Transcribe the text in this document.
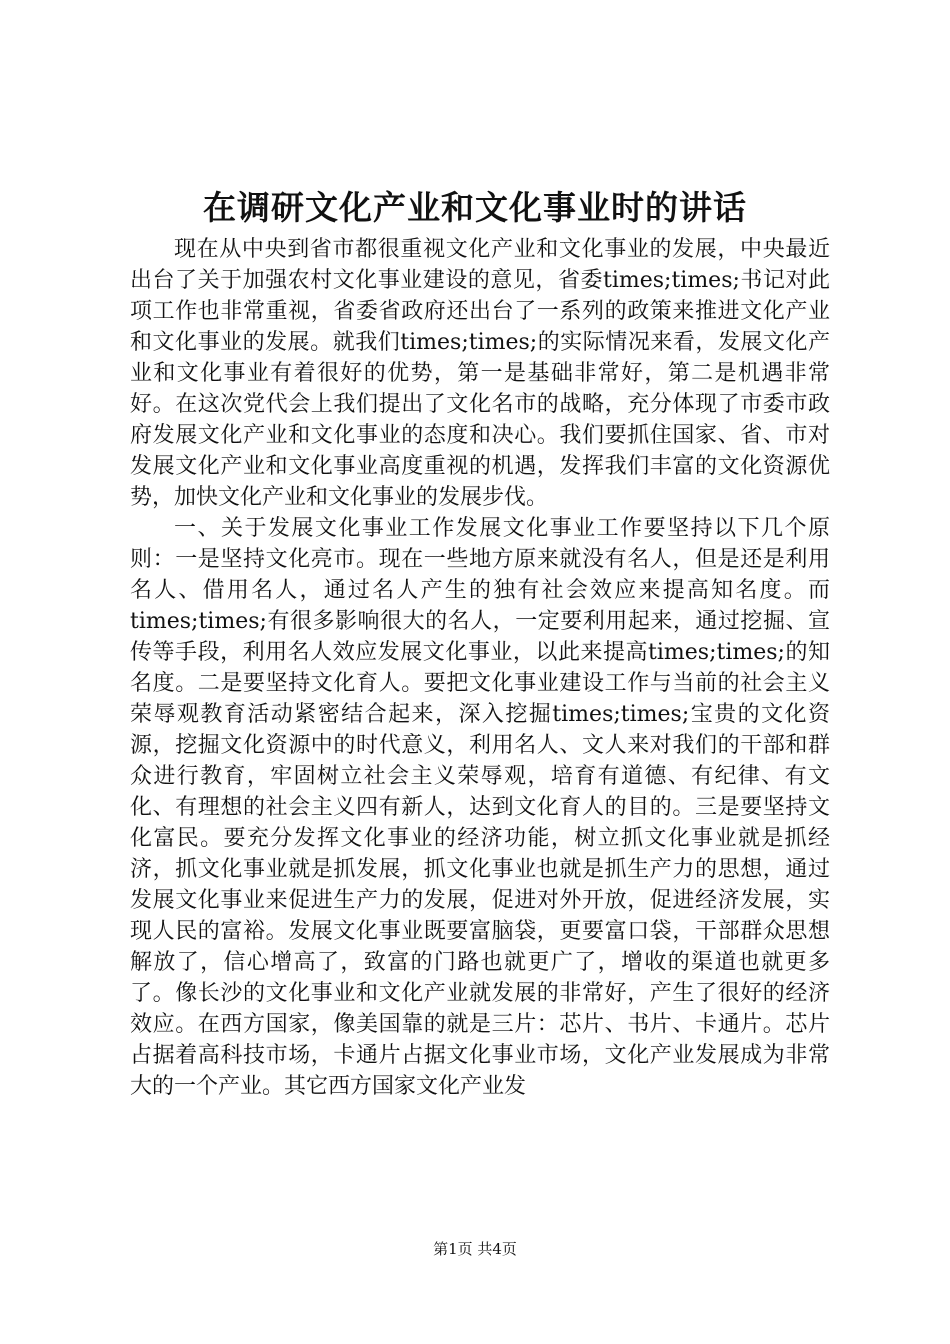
在调研文化产业和文化事业时的讲话

现在从中央到省市都很重视文化产业和文化事业的发展，中央最近出台了关于加强农村文化事业建设的意见，省委times;times;书记对此项工作也非常重视，省委省政府还出台了一系列的政策来推进文化产业和文化事业的发展。就我们times;times;的实际情况来看，发展文化产业和文化事业有着很好的优势，第一是基础非常好，第二是机遇非常好。在这次党代会上我们提出了文化名市的战略，充分体现了市委市政府发展文化产业和文化事业的态度和决心。我们要抓住国家、省、市对发展文化产业和文化事业高度重视的机遇，发挥我们丰富的文化资源优势，加快文化产业和文化事业的发展步伐。

一、关于发展文化事业工作发展文化事业工作要坚持以下几个原则：一是坚持文化亮市。现在一些地方原来就没有名人，但是还是利用名人、借用名人，通过名人产生的独有社会效应来提高知名度。而times;times;有很多影响很大的名人，一定要利用起来，通过挖掘、宣传等手段，利用名人效应发展文化事业，以此来提高times;times;的知名度。二是要坚持文化育人。要把文化事业建设工作与当前的社会主义荣辱观教育活动紧密结合起来，深入挖掘times;times;宝贵的文化资源，挖掘文化资源中的时代意义，利用名人、文人来对我们的干部和群众进行教育，牢固树立社会主义荣辱观，培育有道德、有纪律、有文化、有理想的社会主义四有新人，达到文化育人的目的。三是要坚持文化富民。要充分发挥文化事业的经济功能，树立抓文化事业就是抓经济，抓文化事业就是抓发展，抓文化事业也就是抓生产力的思想，通过发展文化事业来促进生产力的发展，促进对外开放，促进经济发展，实现人民的富裕。发展文化事业既要富脑袋，更要富口袋，干部群众思想解放了，信心增高了，致富的门路也就更广了，增收的渠道也就更多了。像长沙的文化事业和文化产业就发展的非常好，产生了很好的经济效应。在西方国家，像美国靠的就是三片：芯片、书片、卡通片。芯片占据着高科技市场，卡通片占据文化事业市场，文化产业发展成为非常大的一个产业。其它西方国家文化产业发

第1页 共4页
